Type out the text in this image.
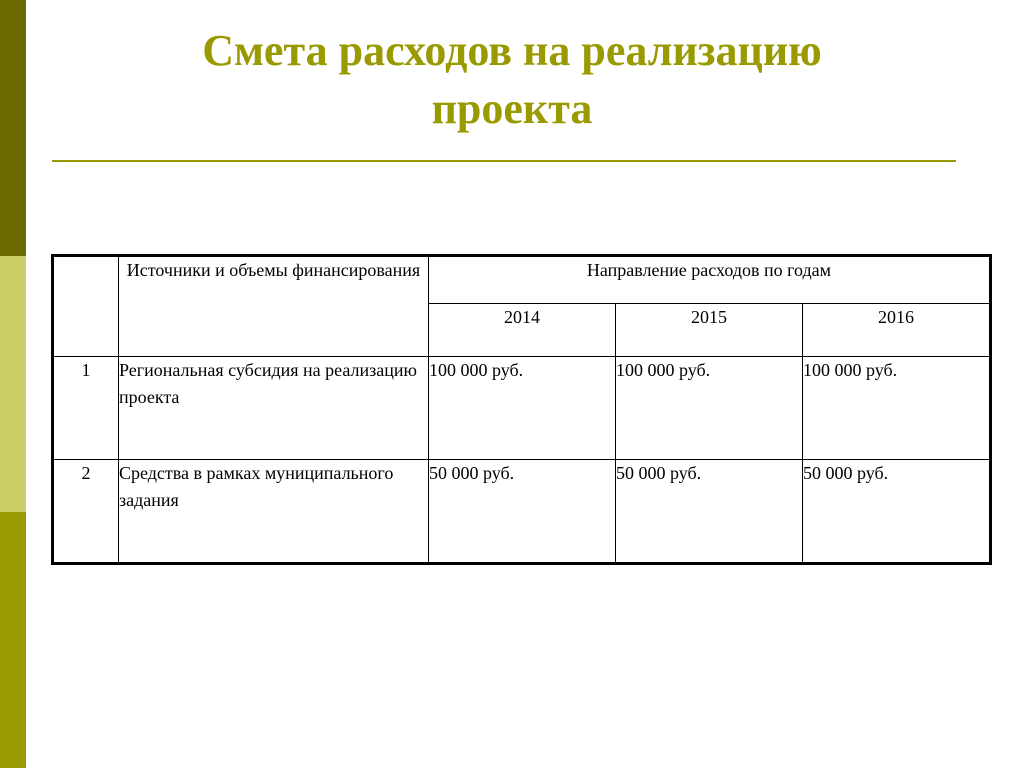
Смета расходов на реализацию
проекта
	Источники и объемы финансирования	Направление расходов по годам		
		2014	2015	2016
1	Региональная субсидия на реализацию проекта	100 000 руб.	100 000 руб.	100 000 руб.
2	Средства в рамках муниципального задания	50 000 руб.	50 000 руб.	50 000 руб.
